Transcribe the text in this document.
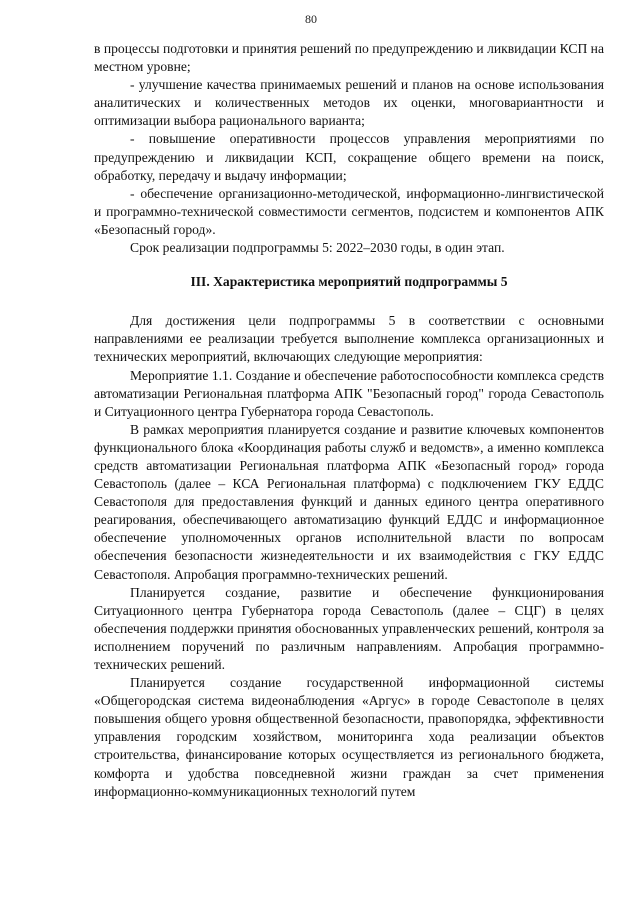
80

в процессы подготовки и принятия решений по предупреждению и ликвидации КСП на местном уровне;

- улучшение качества принимаемых решений и планов на основе использования аналитических и количественных методов их оценки, многовариантности и оптимизации выбора рационального варианта;

- повышение оперативности процессов управления мероприятиями по предупреждению и ликвидации КСП, сокращение общего времени на поиск, обработку, передачу и выдачу информации;

- обеспечение организационно-методической, информационно-лингвистической и программно-технической совместимости сегментов, подсистем и компонентов АПК «Безопасный город».

Срок реализации подпрограммы 5: 2022–2030 годы, в один этап.

III. Характеристика мероприятий подпрограммы 5

Для достижения цели подпрограммы 5 в соответствии с основными направлениями ее реализации требуется выполнение комплекса организационных и технических мероприятий, включающих следующие мероприятия:

Мероприятие 1.1. Создание и обеспечение работоспособности комплекса средств автоматизации Региональная платформа АПК "Безопасный город" города Севастополь и Ситуационного центра Губернатора города Севастополь.

В рамках мероприятия планируется создание и развитие ключевых компонентов функционального блока «Координация работы служб и ведомств», а именно комплекса средств автоматизации Региональная платформа АПК «Безопасный город» города Севастополь (далее – КСА Региональная платформа) с подключением ГКУ ЕДДС Севастополя для предоставления функций и данных единого центра оперативного реагирования, обеспечивающего автоматизацию функций ЕДДС и информационное обеспечение уполномоченных органов исполнительной власти по вопросам обеспечения безопасности жизнедеятельности и их взаимодействия с ГКУ ЕДДС Севастополя. Апробация программно-технических решений.

Планируется создание, развитие и обеспечение функционирования Ситуационного центра Губернатора города Севастополь (далее – СЦГ) в целях обеспечения поддержки принятия обоснованных управленческих решений, контроля за исполнением поручений по различным направлениям. Апробация программно-технических решений.

Планируется создание государственной информационной системы «Общегородская система видеонаблюдения «Аргус» в городе Севастополе в целях повышения общего уровня общественной безопасности, правопорядка, эффективности управления городским хозяйством, мониторинга хода реализации объектов строительства, финансирование которых осуществляется из регионального бюджета, комфорта и удобства повседневной жизни граждан за счет применения информационно-коммуникационных технологий путем
